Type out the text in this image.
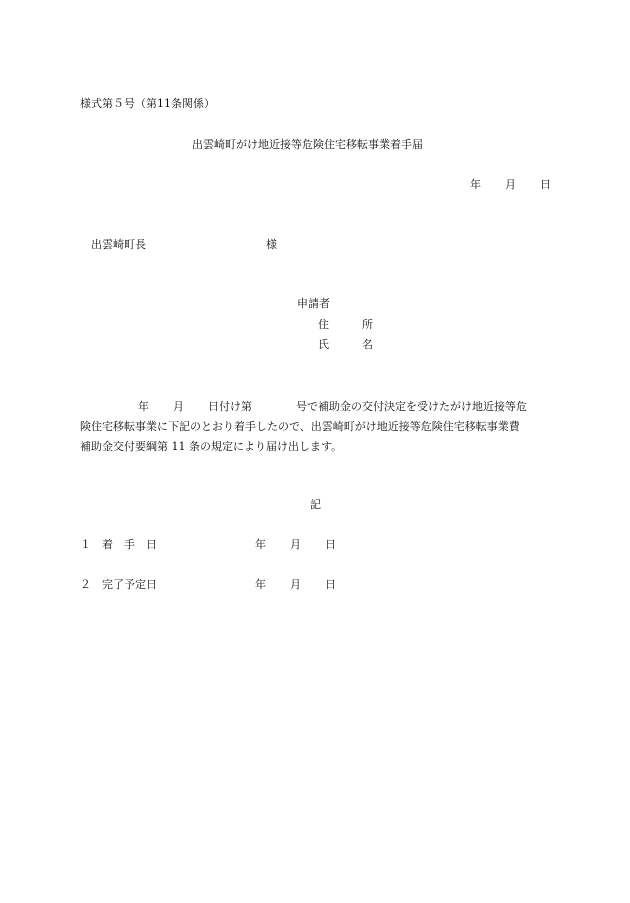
様式第５号（第11条関係）
出雲崎町がけ地近接等危険住宅移転事業着手届
年 月 日
出雲崎町長	様
申請者
住　所
氏　名
年 月 日付け第	号で補助金の交付決定を受けたがけ地近接等危
険住宅移転事業に下記のとおり着手したので、出雲崎町がけ地近接等危険住宅移転事業費
補助金交付要綱第 11 条の規定により届け出します。
記
１ 着　手　日	年 月 日
２ 完了予定日	年 月 日
